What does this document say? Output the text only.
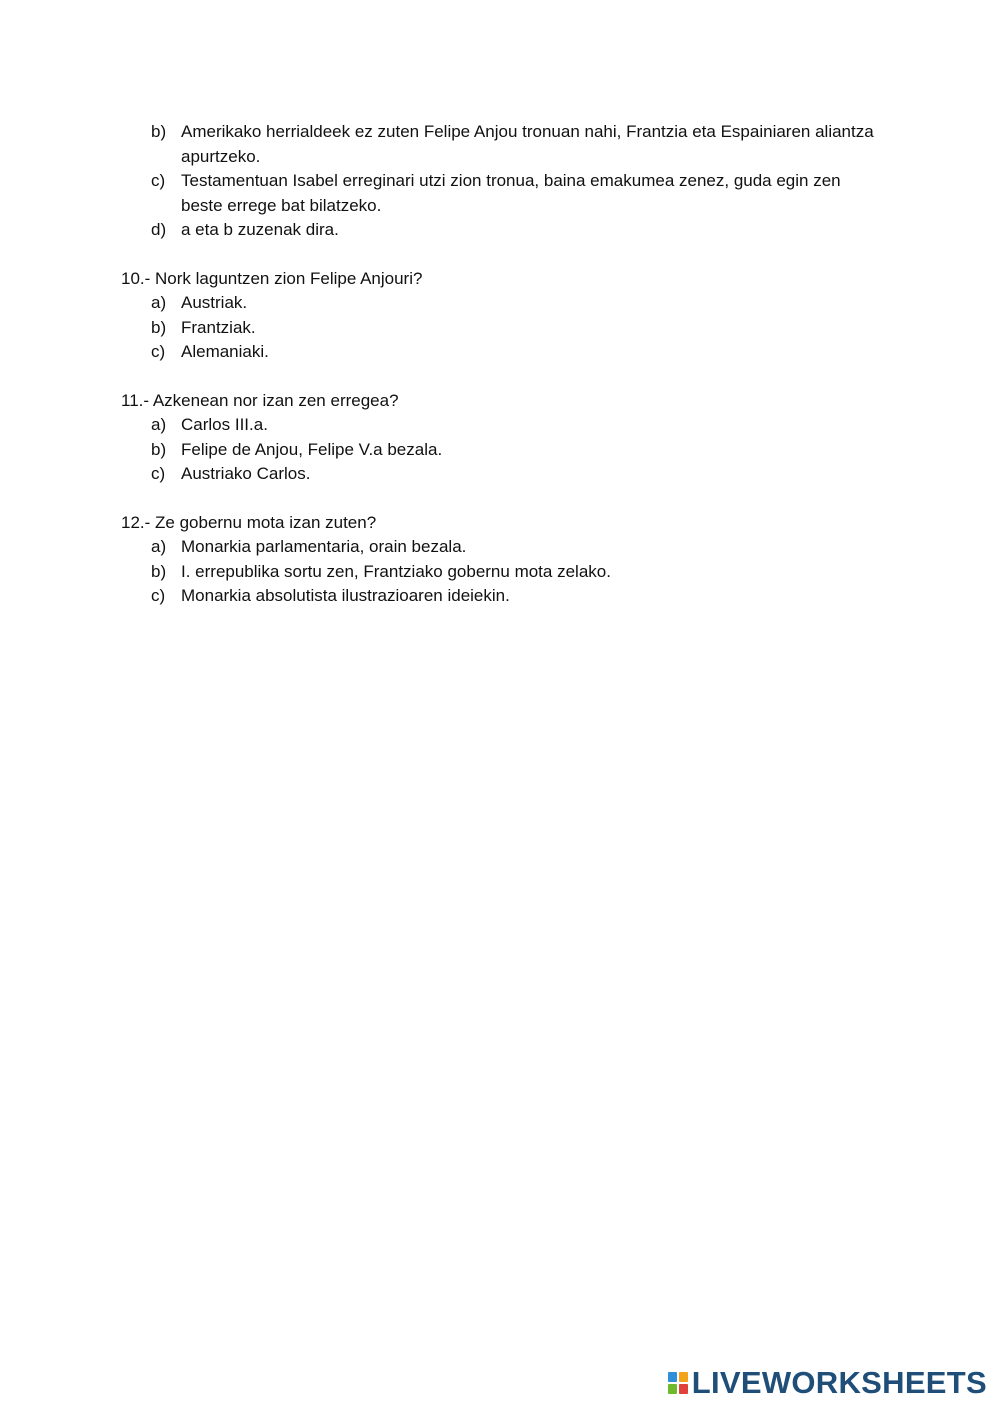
b) Amerikako herrialdeek ez zuten Felipe Anjou tronuan nahi, Frantzia eta Espainiaren aliantza apurtzeko.
c) Testamentuan Isabel erreginari utzi zion tronua, baina emakumea zenez, guda egin zen beste errege bat bilatzeko.
d) a eta b zuzenak dira.
10.- Nork laguntzen zion Felipe Anjouri?
a) Austriak.
b) Frantziak.
c) Alemaniaki.
11.- Azkenean nor izan zen erregea?
a) Carlos III.a.
b) Felipe de Anjou, Felipe V.a bezala.
c) Austriako Carlos.
12.- Ze gobernu mota izan zuten?
a) Monarkia parlamentaria, orain bezala.
b) I. errepublika sortu zen, Frantziako gobernu mota zelako.
c) Monarkia absolutista ilustrazioaren ideiekin.
LIVEWORKSHEETS
